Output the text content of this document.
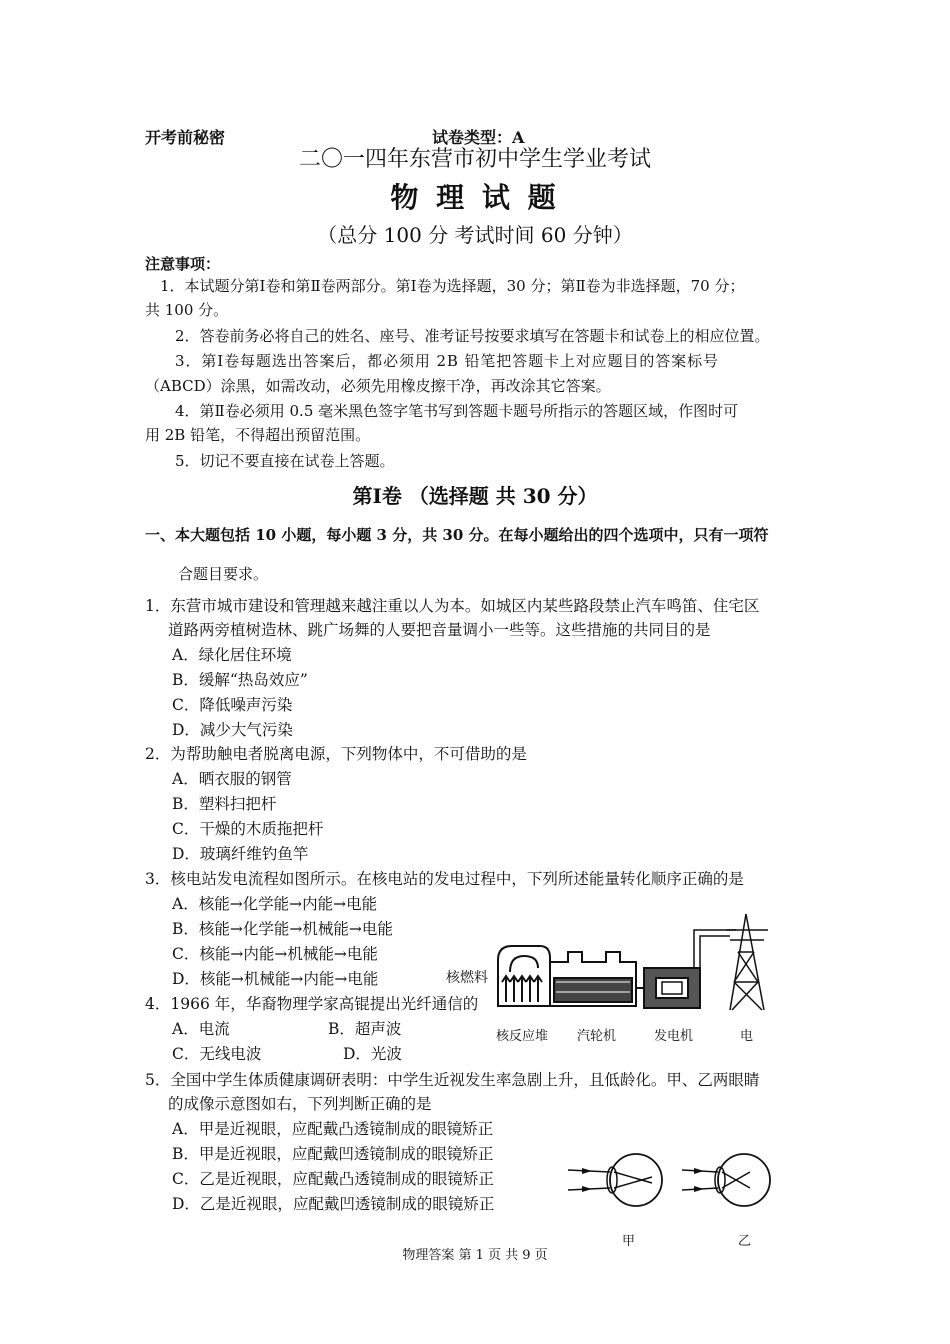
开考前秘密	试卷类型：A
二〇一四年东营市初中学生学业考试
物 理 试 题
（总分 100 分 考试时间 60 分钟）
注意事项：
1．本试题分第Ⅰ卷和第Ⅱ卷两部分。第Ⅰ卷为选择题，30 分；第Ⅱ卷为非选择题，70 分；
共 100 分。
2．答卷前务必将自己的姓名、座号、准考证号按要求填写在答题卡和试卷上的相应位置。
3．第Ⅰ卷每题选出答案后，都必须用 2B 铅笔把答题卡上对应题目的答案标号
（ABCD）涂黑，如需改动，必须先用橡皮擦干净，再改涂其它答案。
4．第Ⅱ卷必须用 0.5 毫米黑色签字笔书写到答题卡题号所指示的答题区域，作图时可
用 2B 铅笔，不得超出预留范围。
5．切记不要直接在试卷上答题。
第Ⅰ卷 （选择题 共 30 分）
一、本大题包括 10 小题，每小题 3 分，共 30 分。在每小题给出的四个选项中，只有一项符
合题目要求。
1．东营市城市建设和管理越来越注重以人为本。如城区内某些路段禁止汽车鸣笛、住宅区
道路两旁植树造林、跳广场舞的人要把音量调小一些等。这些措施的共同目的是
A．绿化居住环境
B．缓解“热岛效应”
C．降低噪声污染
D．减少大气污染
2．为帮助触电者脱离电源，下列物体中，不可借助的是
A．晒衣服的钢管
B．塑料扫把杆
C．干燥的木质拖把杆
D．玻璃纤维钓鱼竿
3．核电站发电流程如图所示。在核电站的发电过程中，下列所述能量转化顺序正确的是
A．核能→化学能→内能→电能
B．核能→化学能→机械能→电能
C．核能→内能→机械能→电能
D．核能→机械能→内能→电能	核燃料
核反应堆 汽轮机	发电机	电
4．1966 年，华裔物理学家高锟提出光纤通信的
A．电流	B．超声波
C．无线电波	D．光波
5．全国中学生体质健康调研表明：中学生近视发生率急剧上升，且低龄化。甲、乙两眼睛
的成像示意图如右，下列判断正确的是
A．甲是近视眼，应配戴凸透镜制成的眼镜矫正
B．甲是近视眼，应配戴凹透镜制成的眼镜矫正
C．乙是近视眼，应配戴凸透镜制成的眼镜矫正
D．乙是近视眼，应配戴凹透镜制成的眼镜矫正
甲	乙
物理答案 第 1 页 共 9 页
